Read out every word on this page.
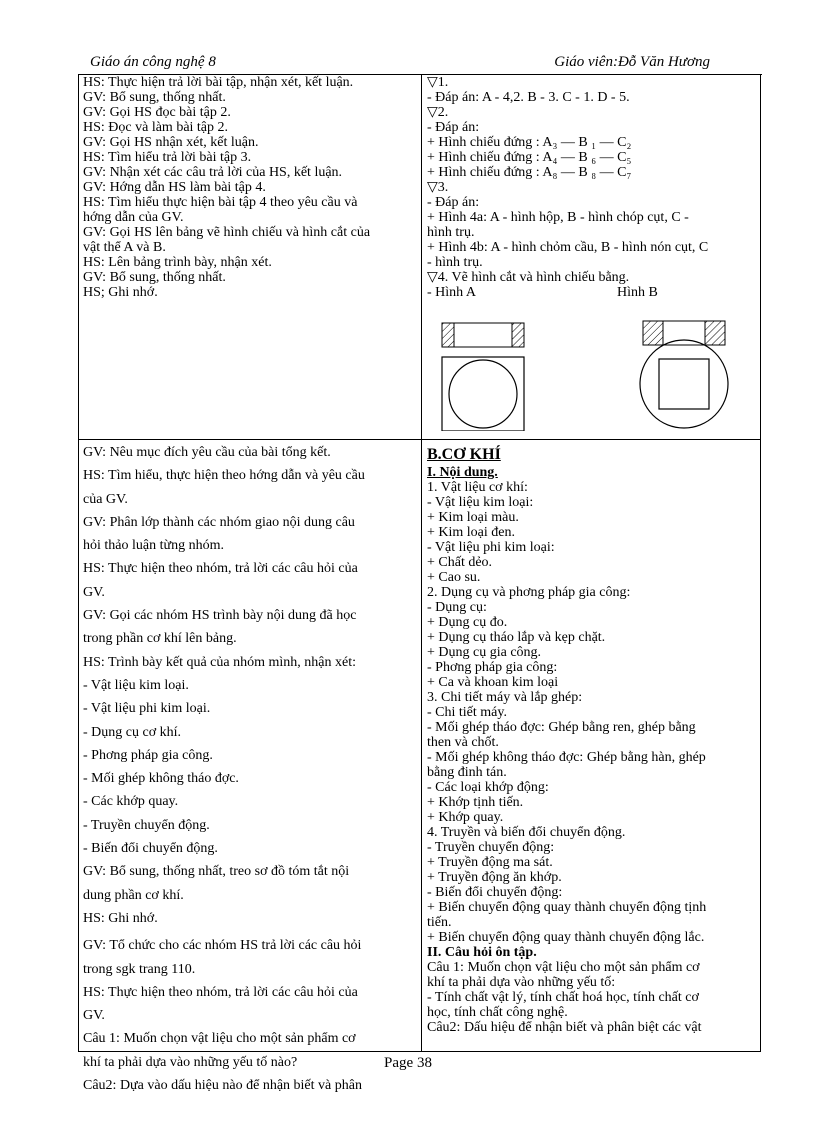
Giáo án công nghệ 8	Giáo viên:Đỗ Văn Hương
HS: Thực hiện trả lời bài tập, nhận xét, kết luận.
GV: Bổ sung, thống nhất.
GV: Gọi HS đọc bài tập 2.
HS: Đọc và làm bài tập 2.
GV: Gọi HS nhận xét, kết luận.
HS: Tìm hiểu trả lời bài tập 3.
GV: Nhận xét các câu trả lời của HS, kết luận.
GV: Hớng dẫn HS làm bài tập 4.
HS: Tìm hiểu thực hiện bài tập 4 theo yêu cầu và
hớng dẫn của GV.
GV: Gọi HS lên bảng vẽ hình chiếu và hình cắt của
vật thể A và B.
HS: Lên bảng trình bày, nhận xét.
GV: Bổ sung, thống nhất.
HS; Ghi nhớ.
▽1.
- Đáp án: A - 4,2. B - 3. C - 1. D - 5.
▽2.
- Đáp án:
+ Hình chiếu đứng : A₃ — B ₁ — C₂
+ Hình chiếu đứng : A₄ — B ₆ — C₅
+ Hình chiếu đứng : A₈ — B ₈ — C₇
▽3.
- Đáp án:
+ Hình 4a: A - hình hộp, B - hình chóp cụt, C -
hình trụ.
+ Hình 4b: A - hình chỏm cầu, B - hình nón cụt, C
- hình trụ.
▽4. Vẽ hình cắt và hình chiếu bằng.
- Hình A	Hình B
GV: Nêu mục đích yêu cầu của bài tổng kết.
HS: Tìm hiểu, thực hiện theo hớng dẫn và yêu cầu
của GV.
GV: Phân lớp thành các nhóm giao nội dung câu
hỏi thảo luận từng nhóm.
HS: Thực hiện theo nhóm, trả lời các câu hỏi của
GV.
GV: Gọi các nhóm HS trình bày nội dung đã học
trong phần cơ khí lên bảng.
HS: Trình bày kết quả của nhóm mình, nhận xét:
- Vật liệu kim loại.
- Vật liệu phi kim loại.
- Dụng cụ cơ khí.
- Phơng pháp gia công.
- Mối ghép không tháo đợc.
- Các khớp quay.
- Truyền chuyển động.
- Biến đổi chuyển động.
GV: Bổ sung, thống nhất, treo sơ đồ tóm tắt nội
dung phần cơ khí.
HS: Ghi nhớ.
GV: Tổ chức cho các nhóm HS trả lời các câu hỏi
trong sgk trang 110.
HS: Thực hiện theo nhóm, trả lời các câu hỏi của
GV.
Câu 1: Muốn chọn vật liệu cho một sản phẩm cơ
khí ta phải dựa vào những yếu tố nào?
Câu2: Dựa vào dấu hiệu nào để nhận biết và phân
B.CƠ KHÍ
I. Nội dung.
1. Vật liệu cơ khí:
- Vật liệu kim loại:
+ Kim loại màu.
+ Kim loại đen.
- Vật liệu phi kim loại:
+ Chất dẻo.
+ Cao su.
2. Dụng cụ và phơng pháp gia công:
- Dụng cụ:
+ Dụng cụ đo.
+ Dụng cụ tháo lắp và kẹp chặt.
+ Dụng cụ gia công.
- Phơng pháp gia công:
+ Ca và khoan kim loại
3. Chi tiết máy và lắp ghép:
- Chi tiết máy.
- Mối ghép tháo đợc: Ghép bằng ren, ghép bằng
then và chốt.
- Mối ghép không tháo đợc: Ghép bằng hàn, ghép
bằng đinh tán.
- Các loại khớp động:
+ Khớp tịnh tiến.
+ Khớp quay.
4. Truyền và biến đổi chuyển động.
- Truyền chuyển động:
+ Truyền động ma sát.
+ Truyền động ăn khớp.
- Biến đổi chuyển động:
+ Biến chuyển động quay thành chuyển động tịnh
tiến.
+ Biến chuyển động quay thành chuyển động lắc.
II. Câu hỏi ôn tập.
Câu 1: Muốn chọn vật liệu cho một sản phẩm cơ
khí ta phải dựa vào những yếu tố:
- Tính chất vật lý, tính chất hoá học, tính chất cơ
học, tính chất công nghệ.
Câu2: Dấu hiệu để nhận biết và phân biệt các vật
Page 38
